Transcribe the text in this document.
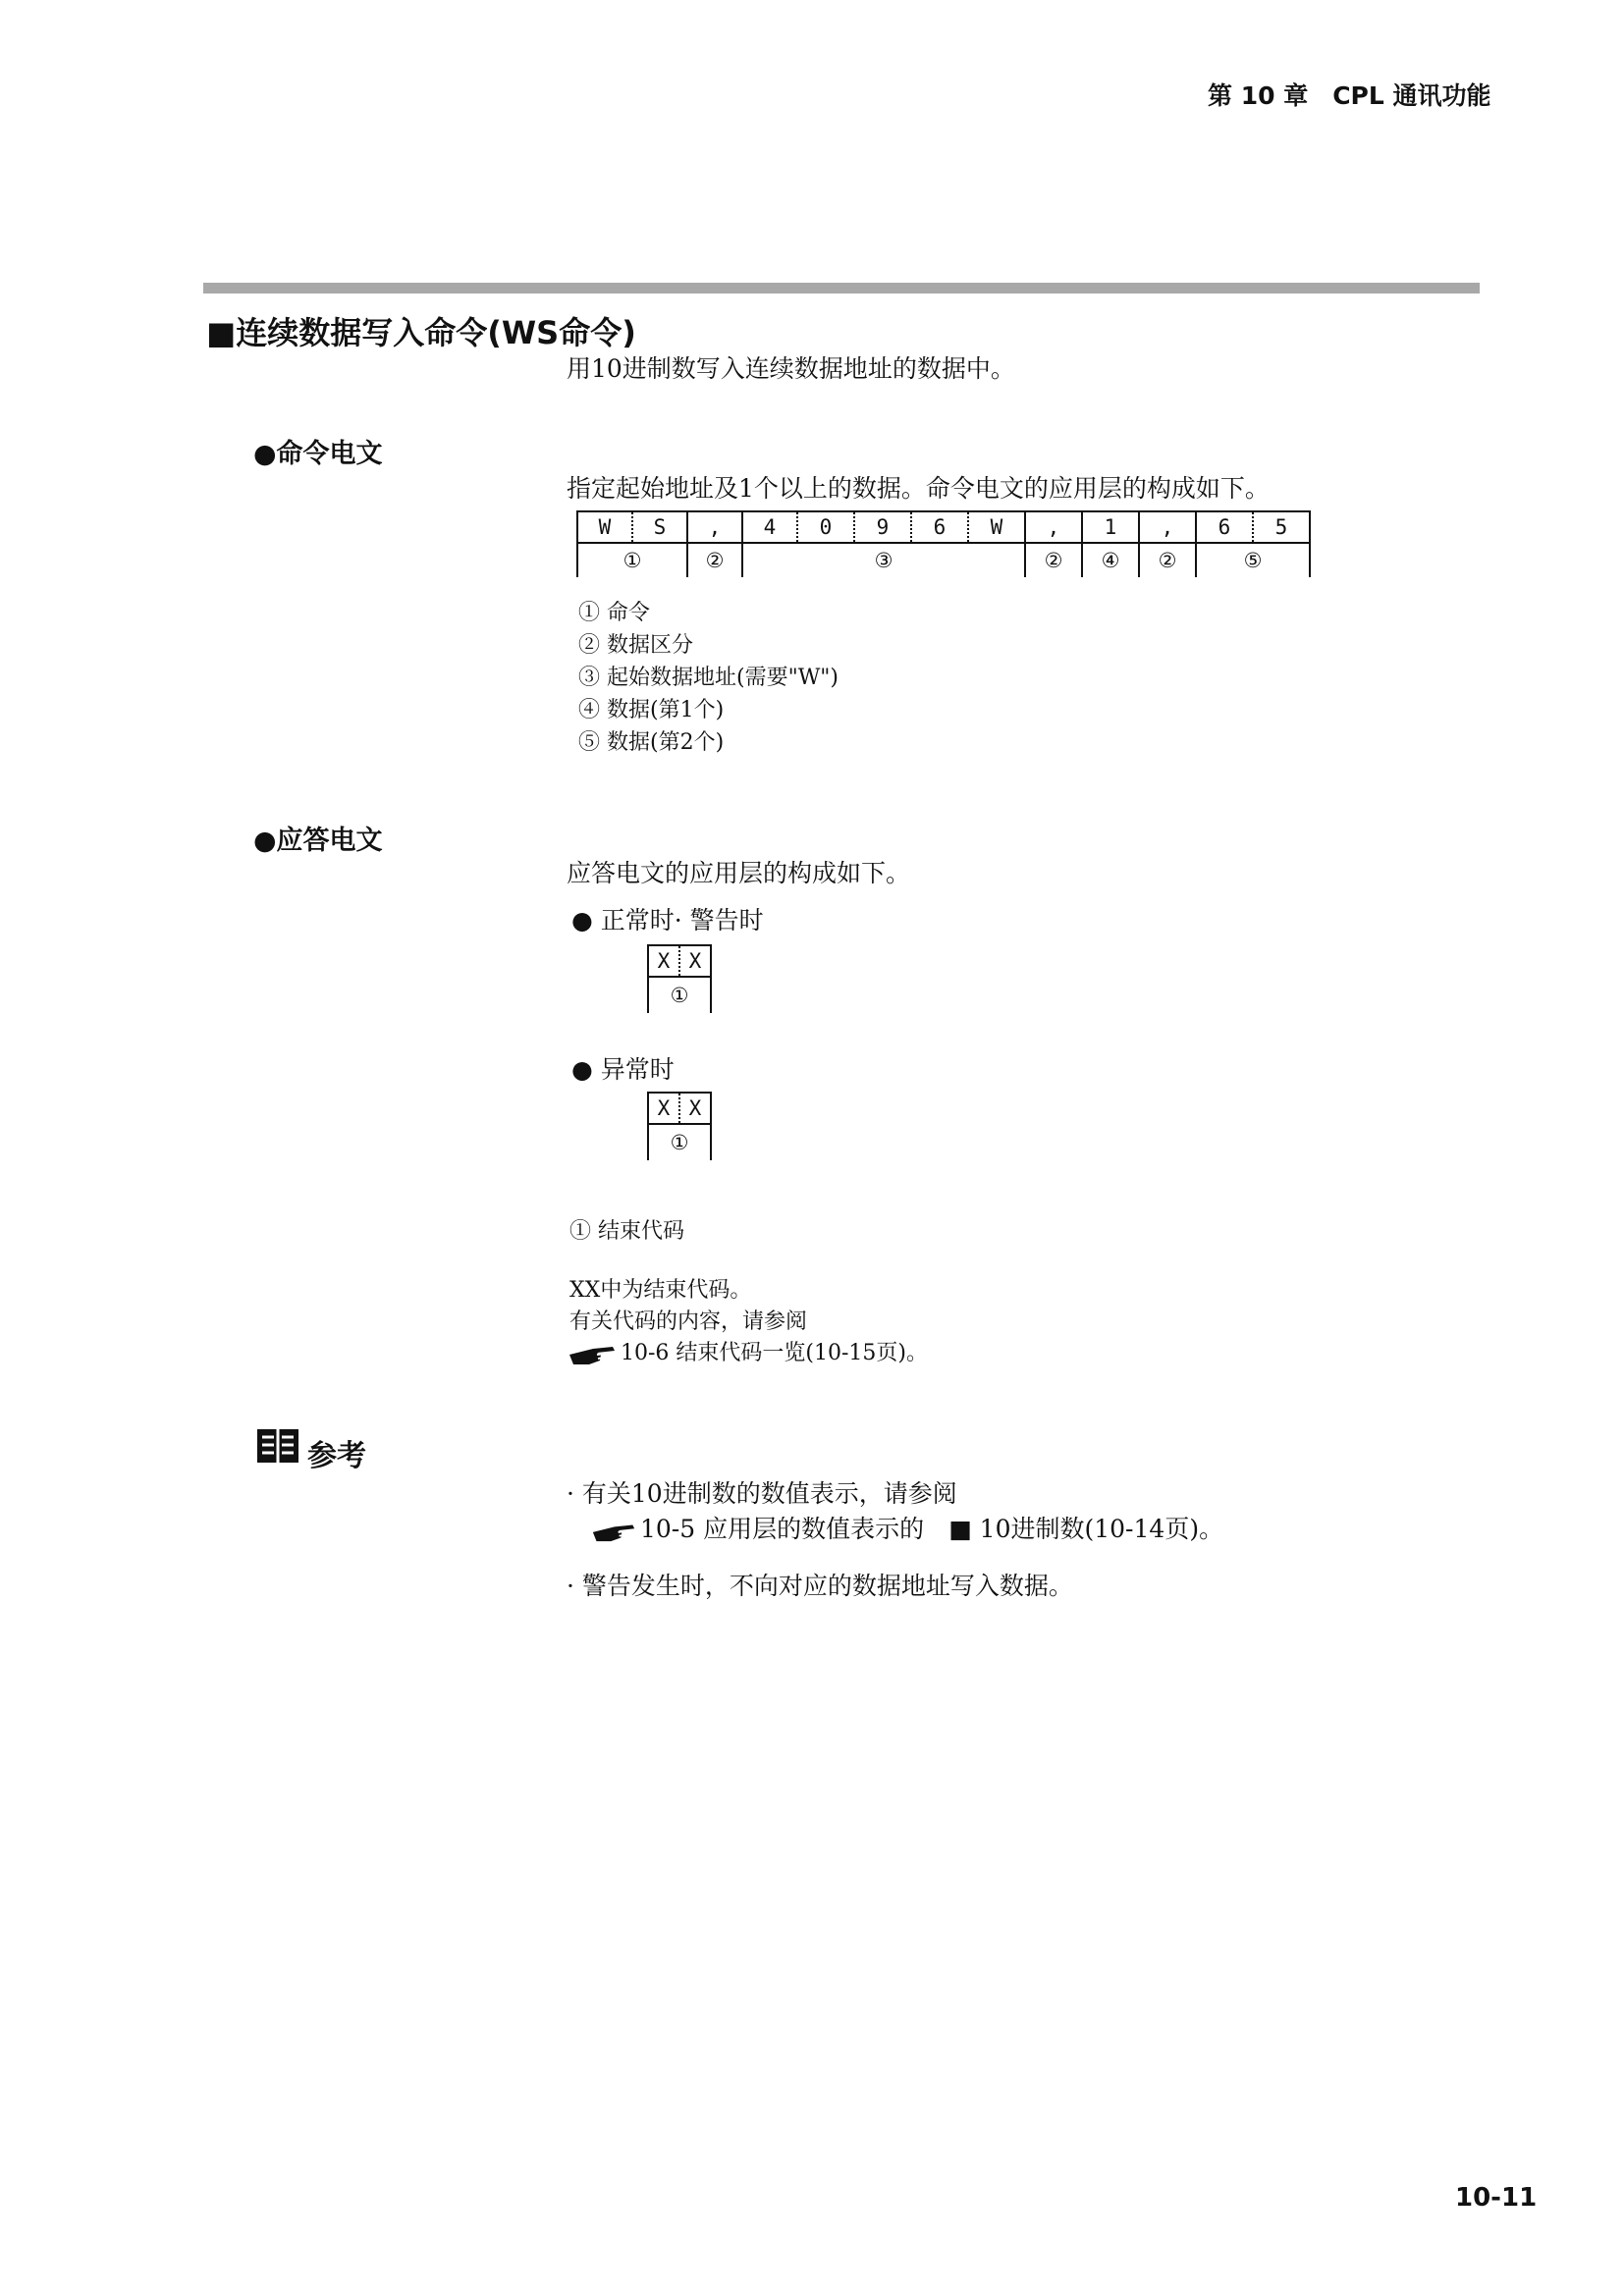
第 10 章　CPL 通讯功能
■连续数据写入命令(WS命令)
用10进制数写入连续数据地址的数据中。
●命令电文
指定起始地址及1个以上的数据。命令电文的应用层的构成如下。
W	S	,	4	0	9	6	W	,	1	,	6	5
①		②	③					②	④	②	⑤	
① 命令
② 数据区分
③ 起始数据地址(需要"W")
④ 数据(第1个)
⑤ 数据(第2个)
●应答电文
应答电文的应用层的构成如下。
● 正常时· 警告时
X	X
①
● 异常时
X	X
①
① 结束代码
XX中为结束代码。
有关代码的内容，请参阅
10-6 结束代码一览(10-15页)。
参考
· 有关10进制数的数值表示，请参阅
10-5 应用层的数值表示的　■ 10进制数(10-14页)。
· 警告发生时，不向对应的数据地址写入数据。
10-11
